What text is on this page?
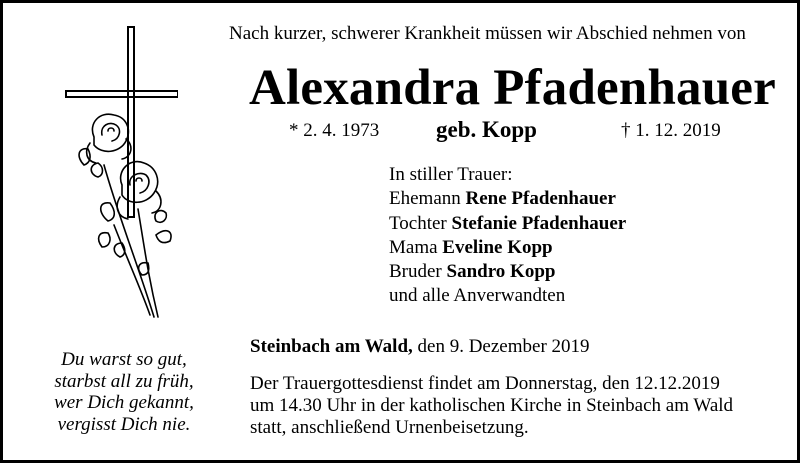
Nach kurzer, schwerer Krankheit müssen wir Abschied nehmen von
Alexandra Pfadenhauer
* 2. 4. 1973 geb. Kopp	† 1. 12. 2019
In stiller Trauer:
Ehemann Rene Pfadenhauer
Tochter Stefanie Pfadenhauer
Mama Eveline Kopp
Bruder Sandro Kopp
und alle Anverwandten
Steinbach am Wald, den 9. Dezember 2019
Der Trauergottesdienst findet am Donnerstag, den 12.12.2019
um 14.30 Uhr in der katholischen Kirche in Steinbach am Wald
statt, anschließend Urnenbeisetzung.
Du warst so gut,
starbst all zu früh,
wer Dich gekannt,
vergisst Dich nie.
